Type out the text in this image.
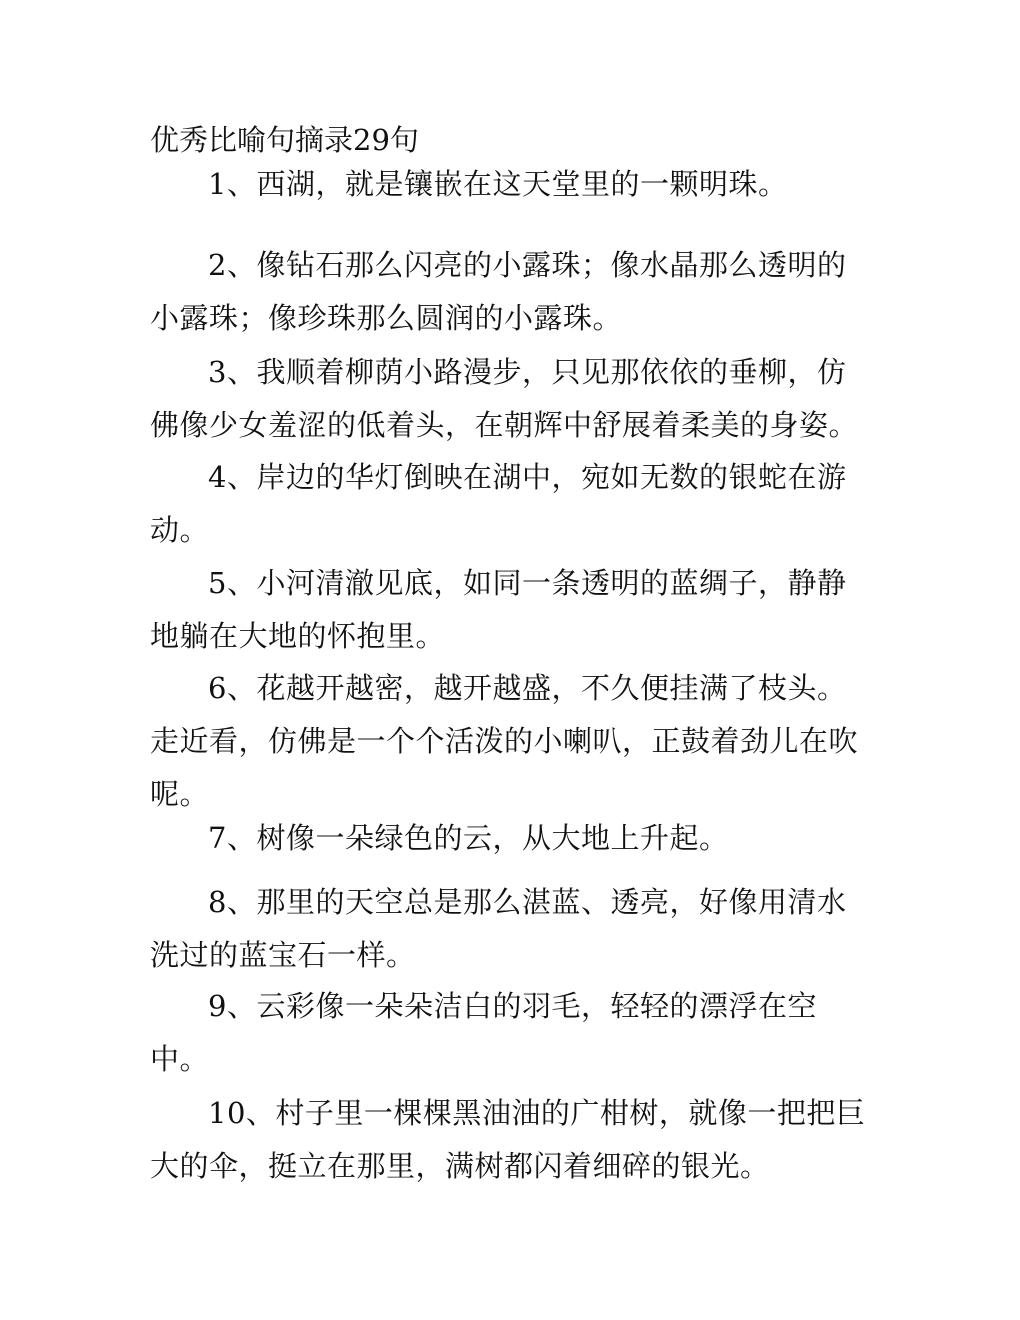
优秀比喻句摘录29句

1、西湖，就是镶嵌在这天堂里的一颗明珠。

2、像钻石那么闪亮的小露珠；像水晶那么透明的小露珠；像珍珠那么圆润的小露珠。

3、我顺着柳荫小路漫步，只见那依依的垂柳，仿佛像少女羞涩的低着头，在朝辉中舒展着柔美的身姿。

4、岸边的华灯倒映在湖中，宛如无数的银蛇在游动。

5、小河清澈见底，如同一条透明的蓝绸子，静静地躺在大地的怀抱里。

6、花越开越密，越开越盛，不久便挂满了枝头。走近看，仿佛是一个个活泼的小喇叭，正鼓着劲儿在吹呢。

7、树像一朵绿色的云，从大地上升起。

8、那里的天空总是那么湛蓝、透亮，好像用清水洗过的蓝宝石一样。

9、云彩像一朵朵洁白的羽毛，轻轻的漂浮在空中。

10、村子里一棵棵黑油油的广柑树，就像一把把巨大的伞，挺立在那里，满树都闪着细碎的银光。
